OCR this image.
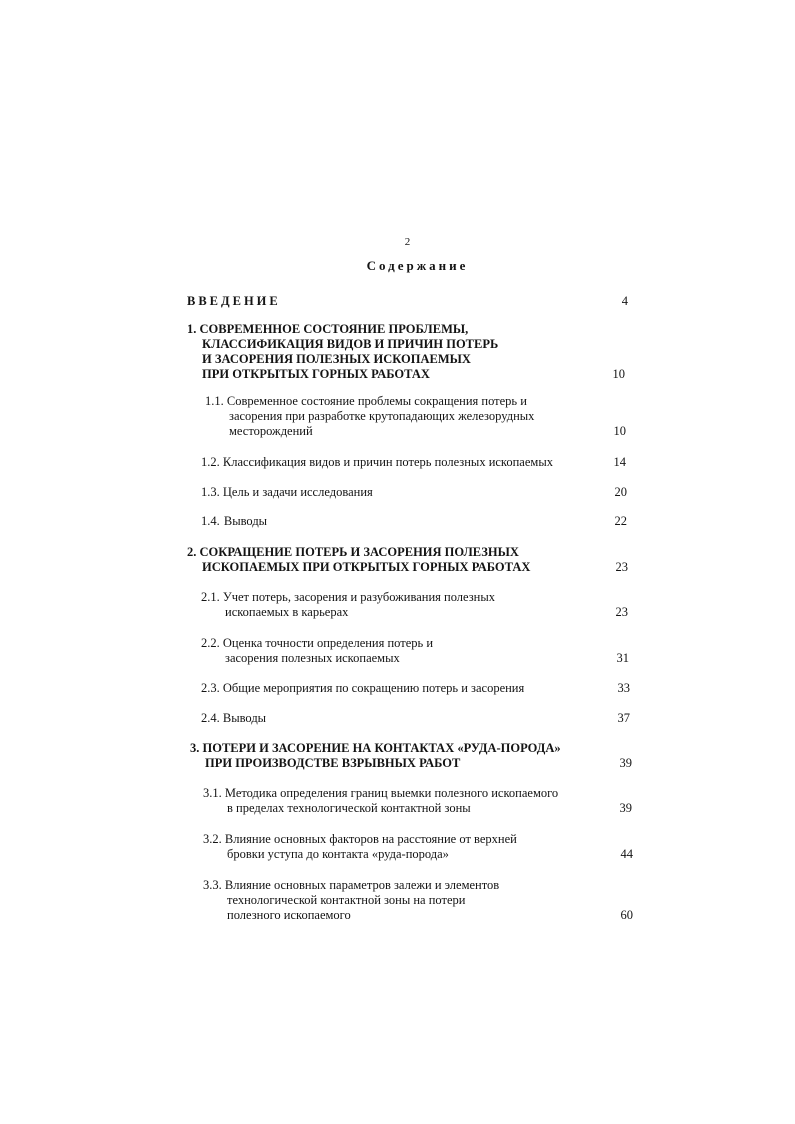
2
Содержание
ВВЕДЕНИЕ	4
1. СОВРЕМЕННОЕ СОСТОЯНИЕ ПРОБЛЕМЫ,
КЛАССИФИКАЦИЯ ВИДОВ И ПРИЧИН ПОТЕРЬ
И ЗАСОРЕНИЯ ПОЛЕЗНЫХ ИСКОПАЕМЫХ
ПРИ ОТКРЫТЫХ ГОРНЫХ РАБОТАХ	10
1.1. Современное состояние проблемы сокращения потерь и
засорения при разработке крутопадающих железорудных
месторождений	10
1.2. Классификация видов и причин потерь полезных ископаемых	14
1.3. Цель и задачи исследования	20
1.4. Выводы	22
2. СОКРАЩЕНИЕ ПОТЕРЬ И ЗАСОРЕНИЯ ПОЛЕЗНЫХ
ИСКОПАЕМЫХ ПРИ ОТКРЫТЫХ ГОРНЫХ РАБОТАХ	23
2.1. Учет потерь, засорения и разубоживания полезных
ископаемых в карьерах	23
2.2. Оценка точности определения потерь и
засорения полезных ископаемых	31
2.3. Общие мероприятия по сокращению потерь и засорения	33
2.4. Выводы	37
3. ПОТЕРИ И ЗАСОРЕНИЕ НА КОНТАКТАХ «РУДА-ПОРОДА»
ПРИ ПРОИЗВОДСТВЕ ВЗРЫВНЫХ РАБОТ	39
3.1. Методика определения границ выемки полезного ископаемого
в пределах технологической контактной зоны	39
3.2. Влияние основных факторов на расстояние от верхней
бровки уступа до контакта «руда-порода»	44
3.3. Влияние основных параметров залежи и элементов
технологической контактной зоны на потери
полезного ископаемого	60
